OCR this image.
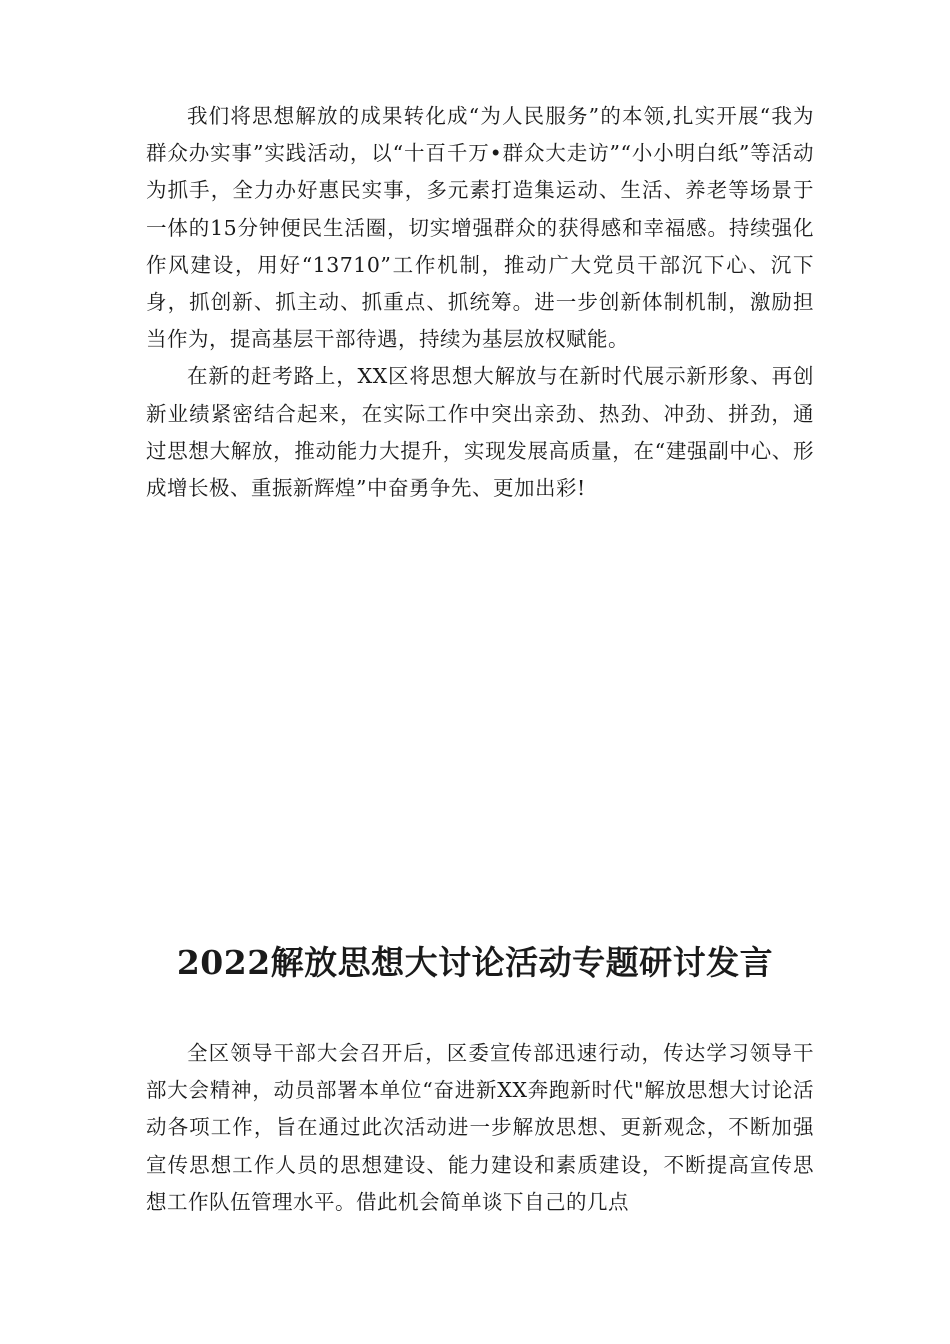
我们将思想解放的成果转化成“为人民服务”的本领,扎实开展“我为群众办实事”实践活动，以“十百千万•群众大走访”“小小明白纸”等活动为抓手，全力办好惠民实事，多元素打造集运动、生活、养老等场景于一体的15分钟便民生活圈，切实增强群众的获得感和幸福感。持续强化作风建设，用好“13710”工作机制，推动广大党员干部沉下心、沉下身，抓创新、抓主动、抓重点、抓统筹。进一步创新体制机制，激励担当作为，提高基层干部待遇，持续为基层放权赋能。

在新的赶考路上，XX区将思想大解放与在新时代展示新形象、再创新业绩紧密结合起来，在实际工作中突出亲劲、热劲、冲劲、拼劲，通过思想大解放，推动能力大提升，实现发展高质量，在“建强副中心、形成增长极、重振新辉煌”中奋勇争先、更加出彩!

2022解放思想大讨论活动专题研讨发言

全区领导干部大会召开后，区委宣传部迅速行动，传达学习领导干部大会精神，动员部署本单位“奋进新XX奔跑新时代"解放思想大讨论活动各项工作，旨在通过此次活动进一步解放思想、更新观念，不断加强宣传思想工作人员的思想建设、能力建设和素质建设，不断提高宣传思想工作队伍管理水平。借此机会简单谈下自己的几点
